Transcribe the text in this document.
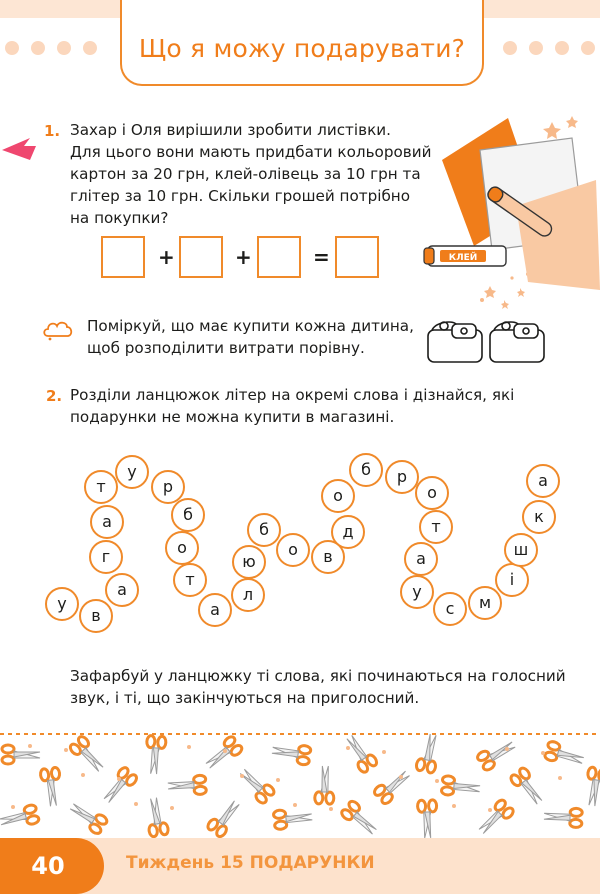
Що я можу подарувати?
1. Захар і Оля вирішили зробити листівки.
Для цього вони мають придбати кольоровий
картон за 20 грн, клей-олівець за 10 грн та
глітер за 10 грн. Скільки грошей потрібно
на покупки?
+	+	=	КЛЕЙ
Поміркуй, що має купити кожна дитина,
щоб розподілити витрати порівну.
2. Розділи ланцюжок літер на окремі слова і дізнайся, які
подарунки не можна купити в магазині.
у
в
а
г
а
т
у
р
б
о
т
а
л
ю
б
о в
д
о
б р
о
т
а
у
с м
і
ш
к
а
Зафарбуй у ланцюжку ті слова, які починаються на голосний
звук, і ті, що закінчуються на приголосний.
40	Тиждень 15 ПОДАРУНКИ
